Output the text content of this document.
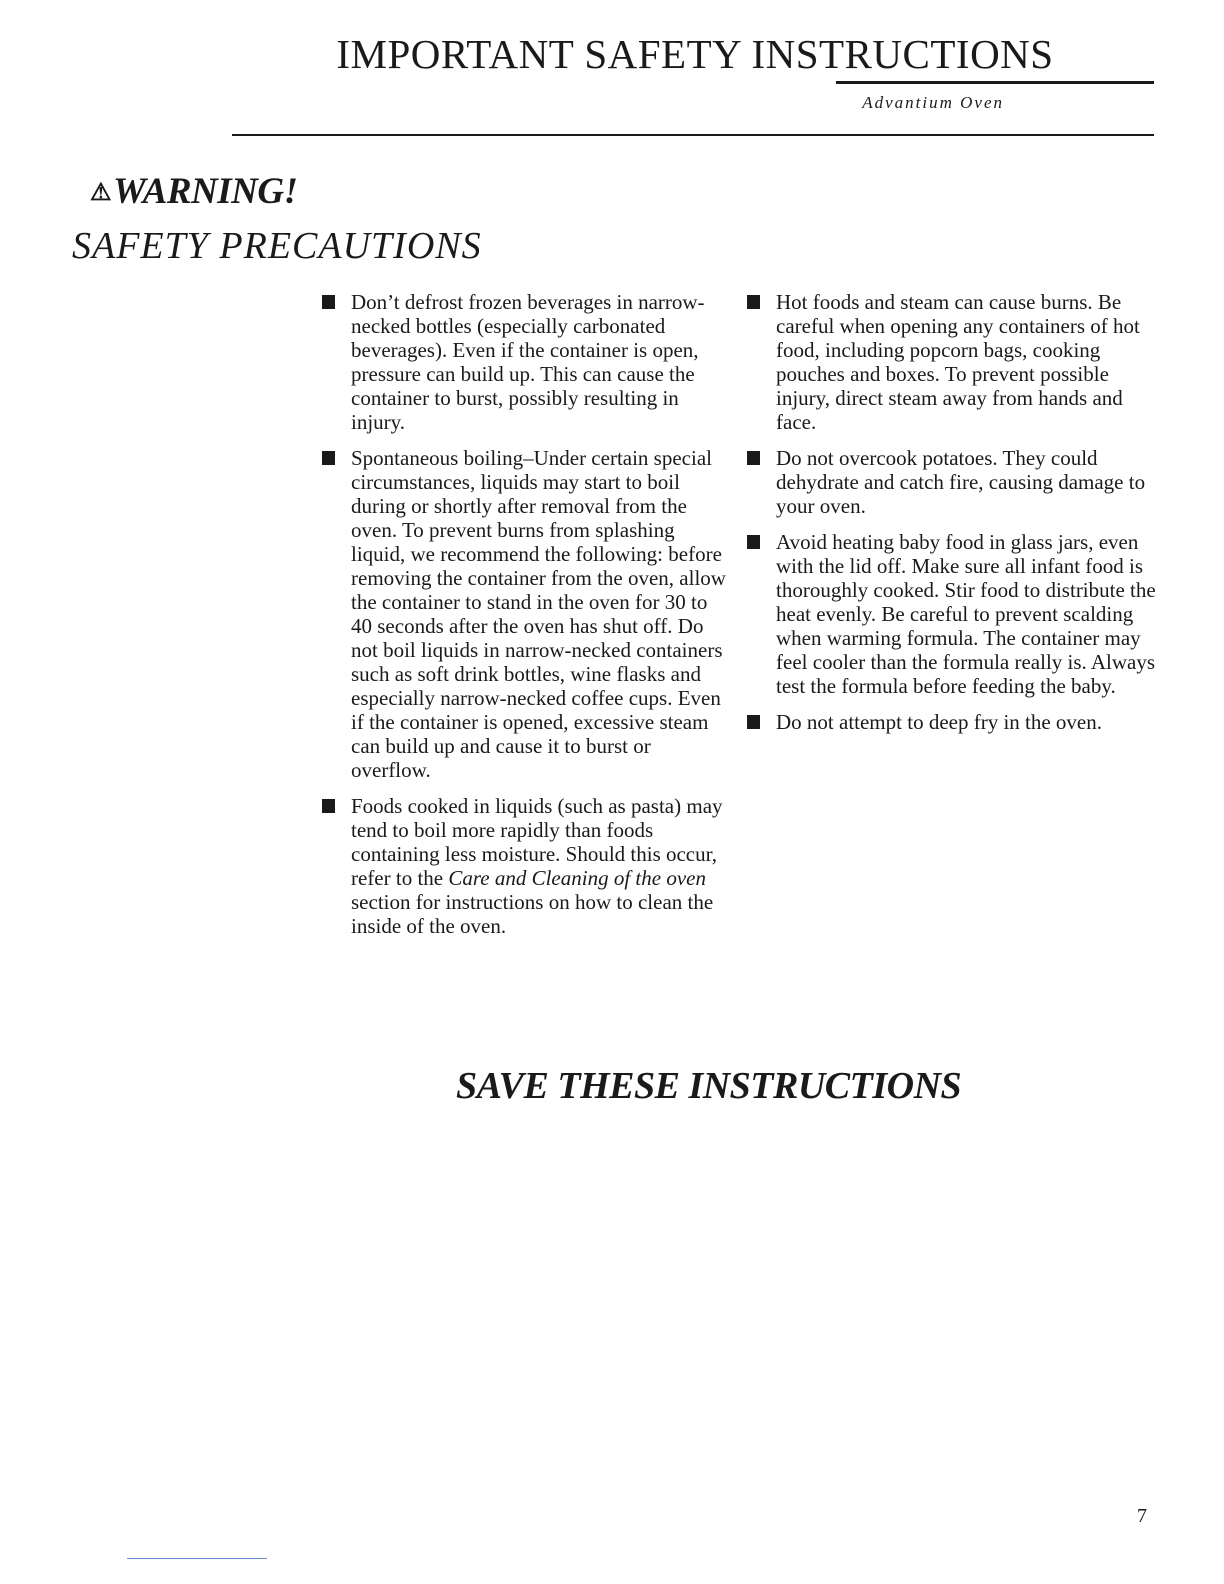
IMPORTANT SAFETY INSTRUCTIONS
Advantium Oven
⚠WARNING!
SAFETY PRECAUTIONS
Don’t defrost frozen beverages in narrow-necked bottles (especially carbonated beverages). Even if the container is open, pressure can build up. This can cause the container to burst, possibly resulting in injury.
Spontaneous boiling–Under certain special circumstances, liquids may start to boil during or shortly after removal from the oven. To prevent burns from splashing liquid, we recommend the following: before removing the container from the oven, allow the container to stand in the oven for 30 to 40 seconds after the oven has shut off. Do not boil liquids in narrow-necked containers such as soft drink bottles, wine flasks and especially narrow-necked coffee cups. Even if the container is opened, excessive steam can build up and cause it to burst or overflow.
Foods cooked in liquids (such as pasta) may tend to boil more rapidly than foods containing less moisture. Should this occur, refer to the Care and Cleaning of the oven section for instructions on how to clean the inside of the oven.
Hot foods and steam can cause burns. Be careful when opening any containers of hot food, including popcorn bags, cooking pouches and boxes. To prevent possible injury, direct steam away from hands and face.
Do not overcook potatoes. They could dehydrate and catch fire, causing damage to your oven.
Avoid heating baby food in glass jars, even with the lid off. Make sure all infant food is thoroughly cooked. Stir food to distribute the heat evenly. Be careful to prevent scalding when warming formula. The container may feel cooler than the formula really is. Always test the formula before feeding the baby.
Do not attempt to deep fry in the oven.
SAVE THESE INSTRUCTIONS
7
